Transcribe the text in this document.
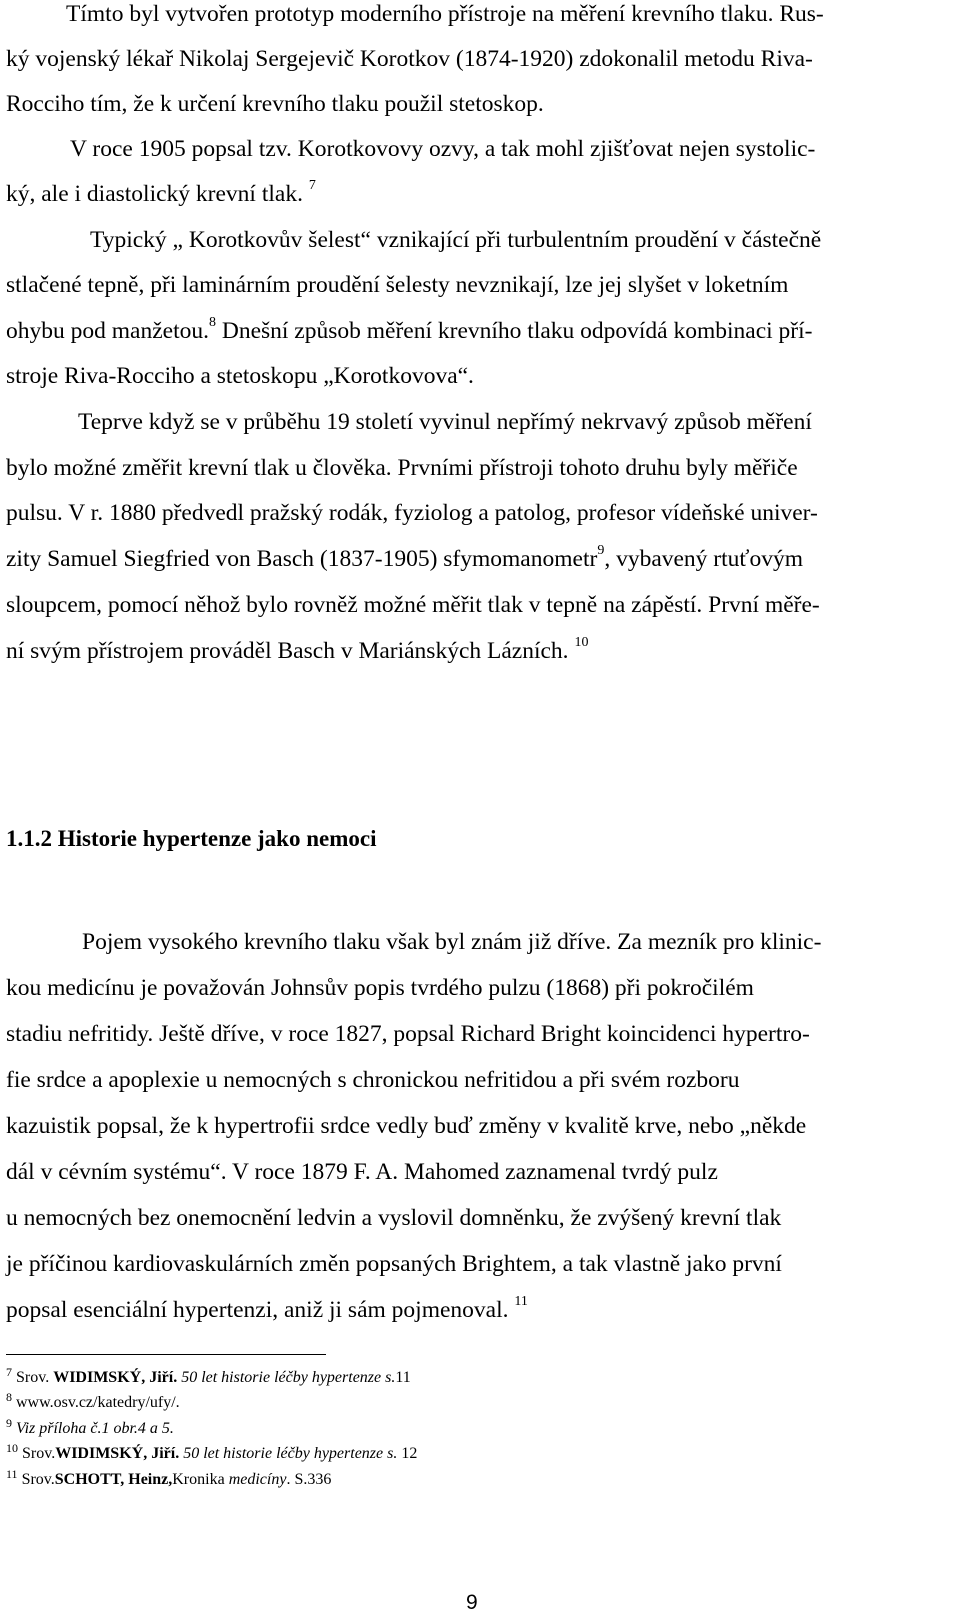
Tímto byl vytvořen prototyp moderního přístroje na měření krevního tlaku. Rus-
ký vojenský lékař Nikolaj Sergejevič Korotkov (1874-1920) zdokonalil metodu Riva-
Rocciho tím, že k určení krevního tlaku použil stetoskop.
V roce 1905 popsal tzv. Korotkovovy ozvy, a tak mohl zjišťovat nejen systolic-
ký, ale i diastolický krevní tlak. $^7$
Typický „ Korotkovův šelest“ vznikající při turbulentním proudění v částečně
stlačené tepně, při laminárním proudění šelesty nevznikají, lze jej slyšet v loketním
ohybu pod manžetou.$^8$ Dnešní způsob měření krevního tlaku odpovídá kombinaci pří-
stroje Riva-Rocciho a stetoskopu „Korotkovova“.
Teprve když se v průběhu 19 století vyvinul nepřímý nekrvavý způsob měření
bylo možné změřit krevní tlak u člověka. Prvními přístroji tohoto druhu byly měřiče
pulsu. V r. 1880 předvedl pražský rodák, fyziolog a patolog, profesor vídeňské univer-
zity Samuel Siegfried von Basch (1837-1905) sfymomanometr$^9$, vybavený rtuťovým
sloupcem, pomocí něhož bylo rovněž možné měřit tlak v tepně na zápěstí. První měře-
ní svým přístrojem prováděl Basch v Mariánských Lázních. $^{10}$
1.1.2 Historie hypertenze jako nemoci
Pojem vysokého krevního tlaku však byl znám již dříve. Za mezník pro klinic-
kou medicínu je považován Johnsův popis tvrdého pulzu (1868) při pokročilém
stadiu nefritidy. Ještě dříve, v roce 1827, popsal Richard Bright koincidenci hypertro-
fie srdce a apoplexie u nemocných s chronickou nefritidou a při svém rozboru
kazuistik popsal, že k hypertrofii srdce vedly buď změny v kvalitě krve, nebo „někde
dál v cévním systému“. V roce 1879 F. A. Mahomed zaznamenal tvrdý pulz
u nemocných bez onemocnění ledvin a vyslovil domněnku, že zvýšený krevní tlak
je příčinou kardiovaskulárních změn popsaných Brightem, a tak vlastně jako první
popsal esenciální hypertenzi, aniž ji sám pojmenoval. $^{11}$
$^7$ Srov. WIDIMSKÝ, Jiří. 50 let historie léčby hypertenze s.11
$^8$ www.osv.cz/katedry/ufy/.
$^9$ Viz příloha č.1 obr.4 a 5.
$^{10}$ Srov.WIDIMSKÝ, Jiří. 50 let historie léčby hypertenze s. 12
$^{11}$ Srov.SCHOTT, Heinz,Kronika medicíny. S.336
9
